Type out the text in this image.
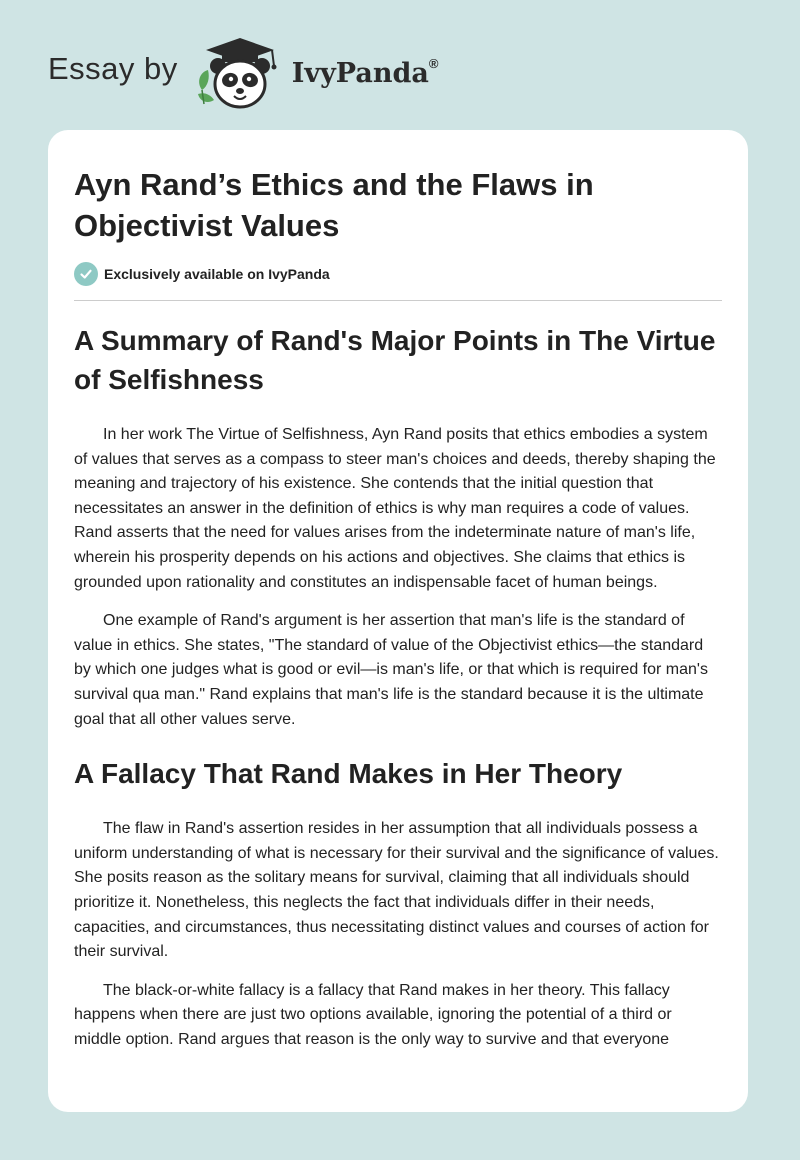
Essay by	IvyPanda®
Ayn Rand’s Ethics and the Flaws in Objectivist Values
Exclusively available on IvyPanda
A Summary of Rand's Major Points in The Virtue of Selfishness

In her work The Virtue of Selfishness, Ayn Rand posits that ethics embodies a system of values that serves as a compass to steer man's choices and deeds, thereby shaping the meaning and trajectory of his existence. She contends that the initial question that necessitates an answer in the definition of ethics is why man requires a code of values. Rand asserts that the need for values arises from the indeterminate nature of man's life, wherein his prosperity depends on his actions and objectives. She claims that ethics is grounded upon rationality and constitutes an indispensable facet of human beings.

One example of Rand's argument is her assertion that man's life is the standard of value in ethics. She states, "The standard of value of the Objectivist ethics—the standard by which one judges what is good or evil—is man's life, or that which is required for man's survival qua man." Rand explains that man's life is the standard because it is the ultimate goal that all other values serve.

A Fallacy That Rand Makes in Her Theory

The flaw in Rand's assertion resides in her assumption that all individuals possess a uniform understanding of what is necessary for their survival and the significance of values. She posits reason as the solitary means for survival, claiming that all individuals should prioritize it. Nonetheless, this neglects the fact that individuals differ in their needs, capacities, and circumstances, thus necessitating distinct values and courses of action for their survival.

The black-or-white fallacy is a fallacy that Rand makes in her theory. This fallacy happens when there are just two options available, ignoring the potential of a third or middle option. Rand argues that reason is the only way to survive and that everyone
